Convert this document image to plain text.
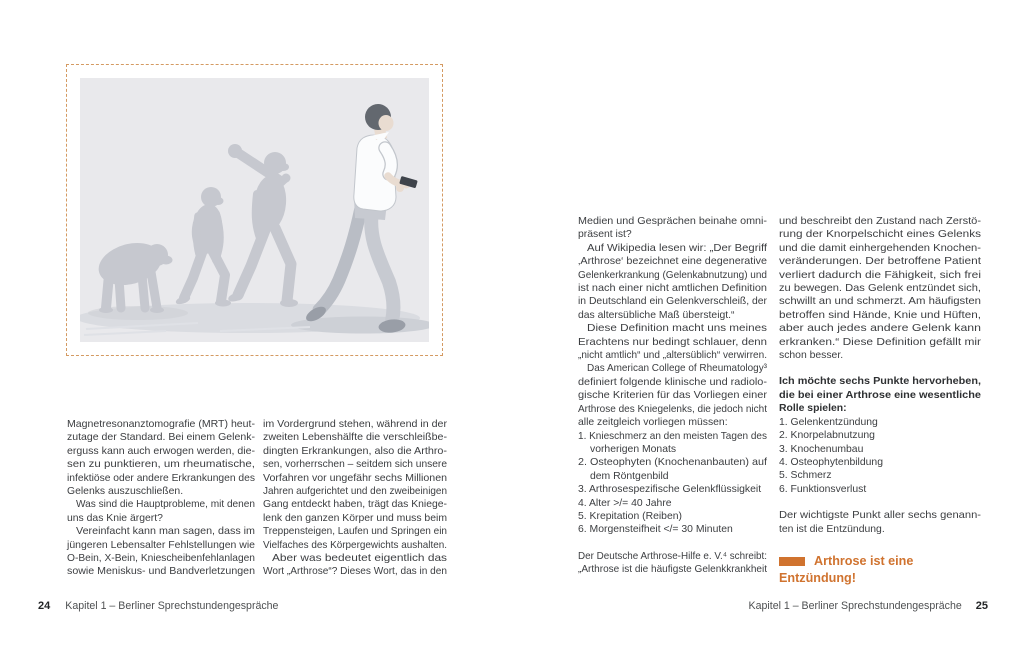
Magnetresonanztomografie (MRT) heut-
zutage der Standard. Bei einem Gelenk-
erguss kann auch erwogen werden, die-
sen zu punktieren, um rheumatische,
infektiöse oder andere Erkrankungen des
Gelenks auszuschließen.
Was sind die Hauptprobleme, mit denen
uns das Knie ärgert?
Vereinfacht kann man sagen, dass im
jüngeren Lebensalter Fehlstellungen wie
O-Bein, X-Bein, Kniescheibenfehlanlagen
sowie Meniskus- und Bandverletzungen
im Vordergrund stehen, während in der
zweiten Lebenshälfte die verschleißbe-
dingten Erkrankungen, also die Arthro-
sen, vorherrschen – seitdem sich unsere
Vorfahren vor ungefähr sechs Millionen
Jahren aufgerichtet und den zweibeinigen
Gang entdeckt haben, trägt das Kniege-
lenk den ganzen Körper und muss beim
Treppensteigen, Laufen und Springen ein
Vielfaches des Körpergewichts aushalten.
Aber was bedeutet eigentlich das
Wort „Arthrose“? Dieses Wort, das in den
24 Kapitel 1 – Berliner Sprechstundengespräche
Medien und Gesprächen beinahe omni-
präsent ist?
Auf Wikipedia lesen wir: „Der Begriff
‚Arthrose‘ bezeichnet eine degenerative
Gelenkerkrankung (Gelenkabnutzung) und
ist nach einer nicht amtlichen Definition
in Deutschland ein Gelenkverschleiß, der
das altersübliche Maß übersteigt.“
Diese Definition macht uns meines
Erachtens nur bedingt schlauer, denn
„nicht amtlich“ und „altersüblich“ verwirren.
Das American College of Rheumatology³
definiert folgende klinische und radiolo-
gische Kriterien für das Vorliegen einer
Arthrose des Kniegelenks, die jedoch nicht
alle zeitgleich vorliegen müssen:
1. Knieschmerz an den meisten Tagen des
vorherigen Monats
2. Osteophyten (Knochenanbauten) auf
dem Röntgenbild
3. Arthrosespezifische Gelenkflüssigkeit
4. Alter >/= 40 Jahre
5. Krepitation (Reiben)
6. Morgensteifheit </= 30 Minuten
Der Deutsche Arthrose-Hilfe e. V.⁴ schreibt:
„Arthrose ist die häufigste Gelenkkrankheit
und beschreibt den Zustand nach Zerstö-
rung der Knorpelschicht eines Gelenks
und die damit einhergehenden Knochen-
veränderungen. Der betroffene Patient
verliert dadurch die Fähigkeit, sich frei
zu bewegen. Das Gelenk entzündet sich,
schwillt an und schmerzt. Am häufigsten
betroffen sind Hände, Knie und Hüften,
aber auch jedes andere Gelenk kann
erkranken.“ Diese Definition gefällt mir
schon besser.
Ich möchte sechs Punkte hervorheben,
die bei einer Arthrose eine wesentliche
Rolle spielen:
1. Gelenkentzündung
2. Knorpelabnutzung
3. Knochenumbau
4. Osteophytenbildung
5. Schmerz
6. Funktionsverlust
Der wichtigste Punkt aller sechs genann-
ten ist die Entzündung.
Arthrose ist eine
Entzündung!
Kapitel 1 – Berliner Sprechstundengespräche 25
